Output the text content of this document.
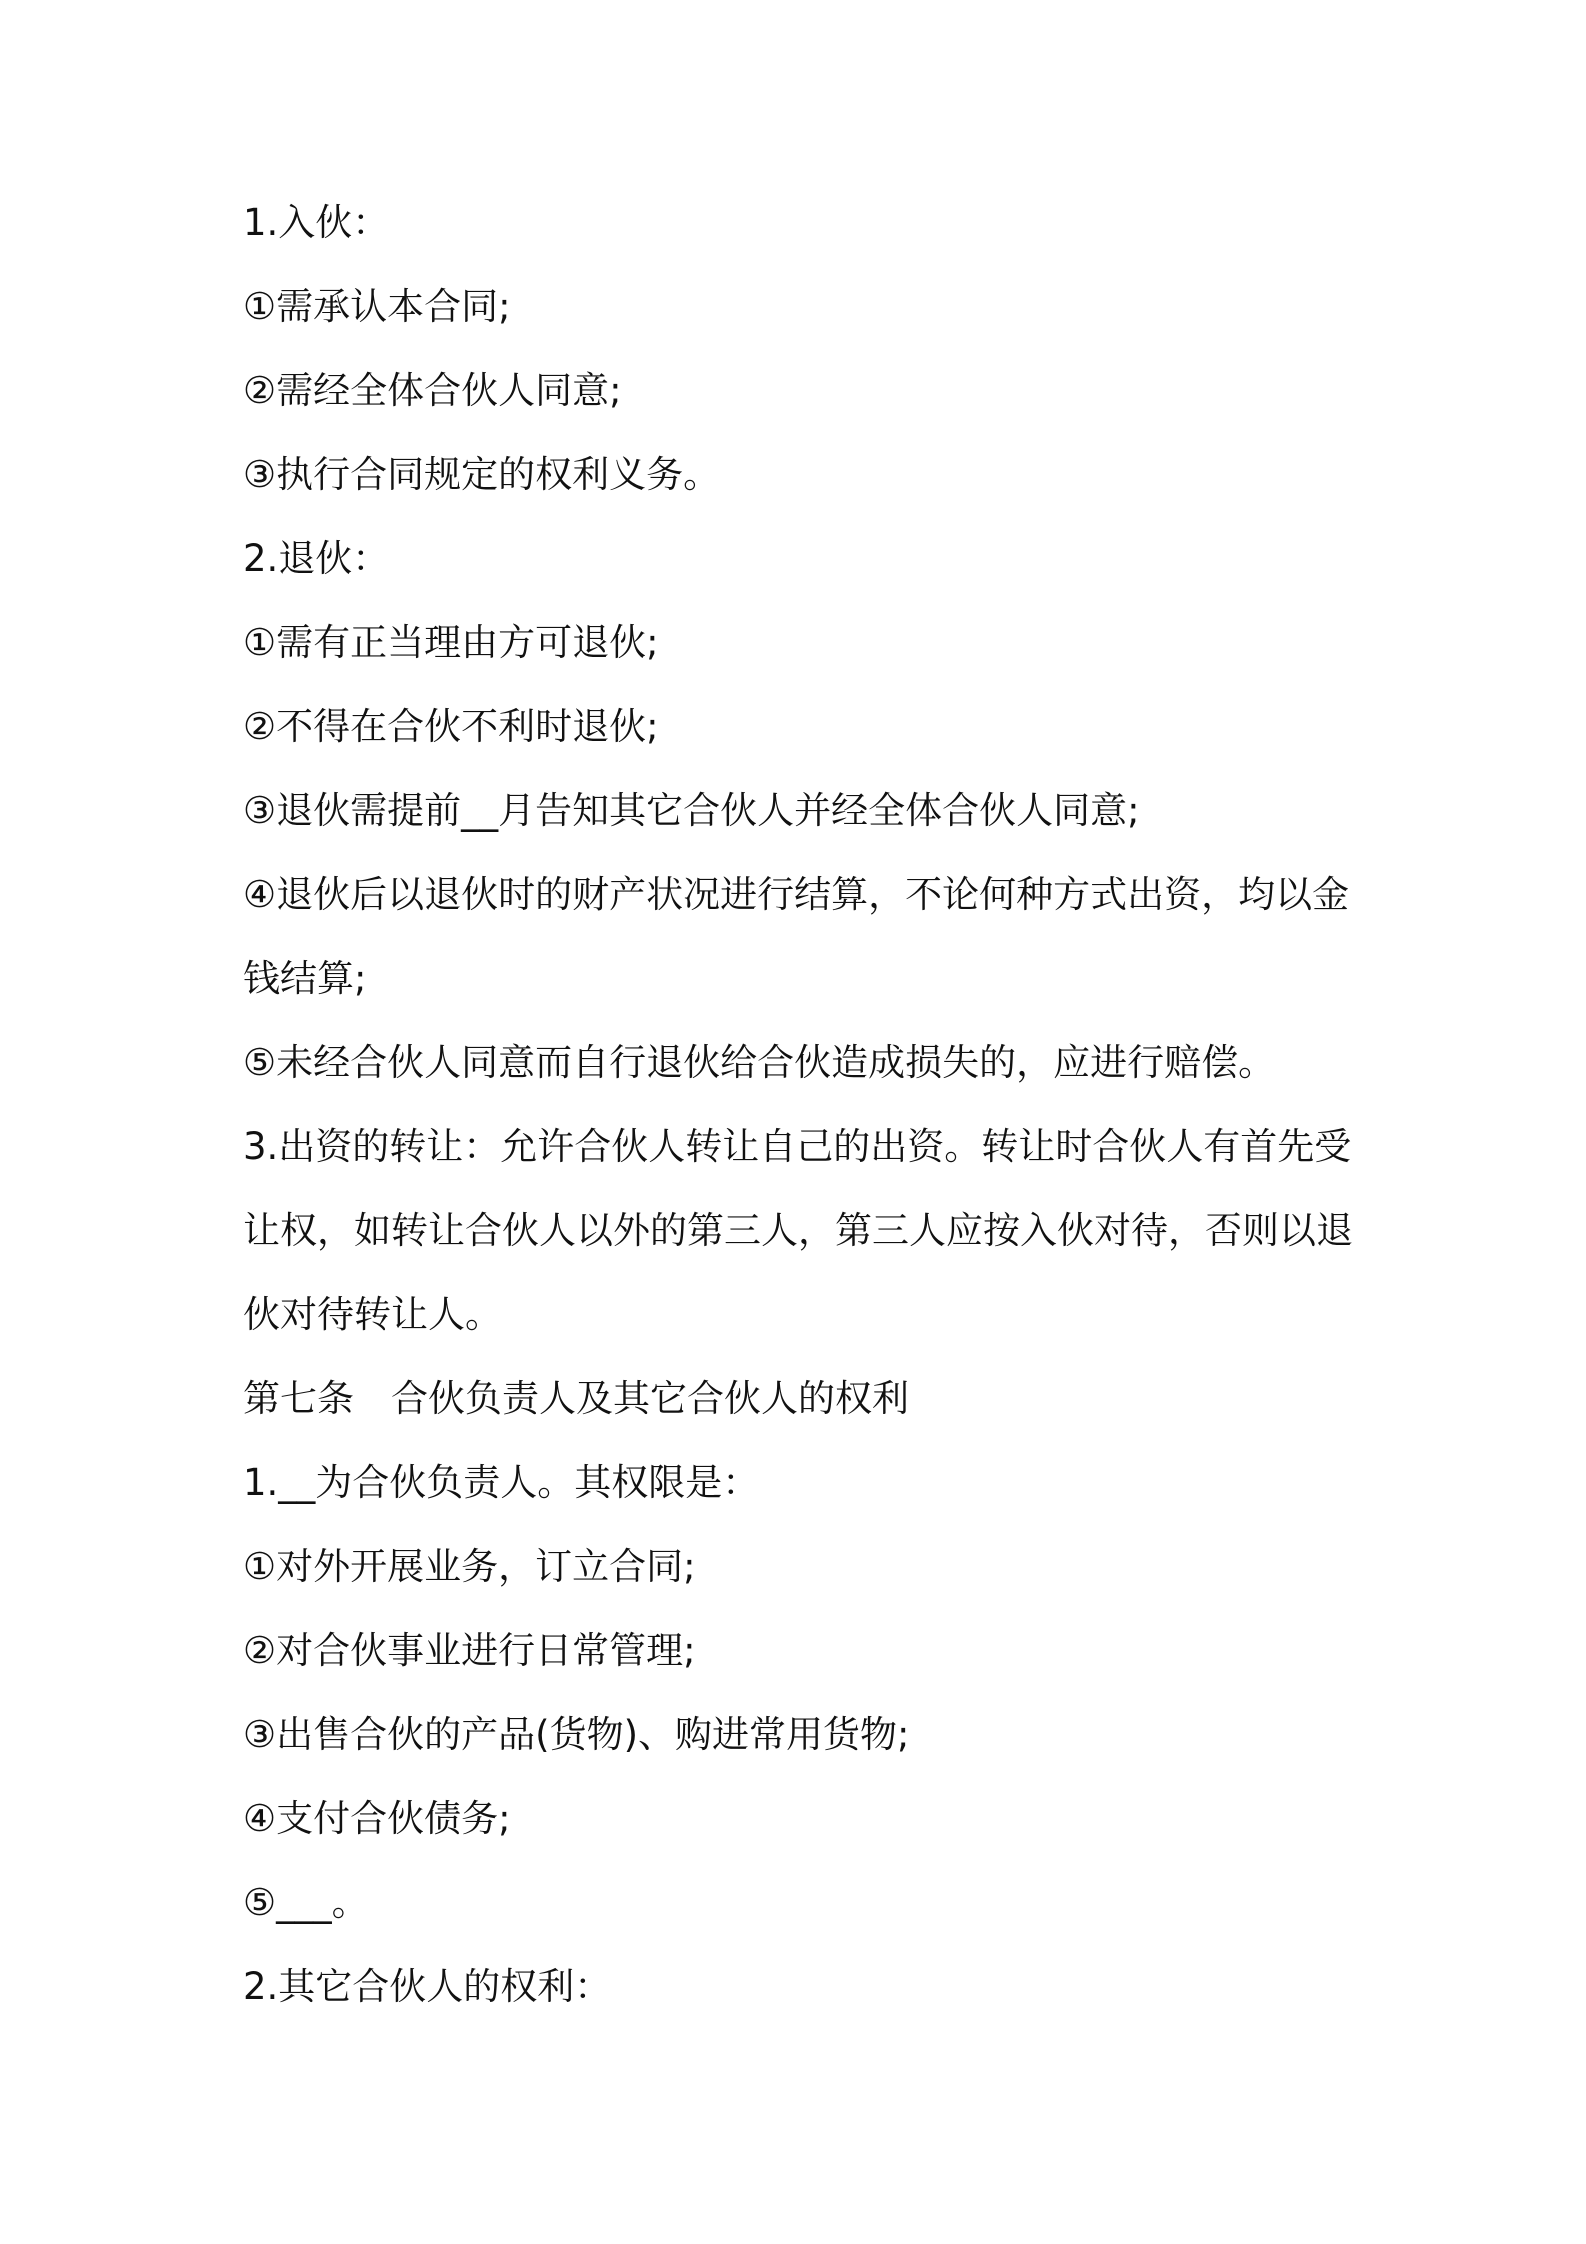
1.入伙：
①需承认本合同;
②需经全体合伙人同意;
③执行合同规定的权利义务。
2.退伙：
①需有正当理由方可退伙;
②不得在合伙不利时退伙;
③退伙需提前__月告知其它合伙人并经全体合伙人同意;
④退伙后以退伙时的财产状况进行结算，不论何种方式出资，均以金
钱结算;
⑤未经合伙人同意而自行退伙给合伙造成损失的，应进行赔偿。
3.出资的转让：允许合伙人转让自己的出资。转让时合伙人有首先受
让权，如转让合伙人以外的第三人，第三人应按入伙对待，否则以退
伙对待转让人。
第七条　合伙负责人及其它合伙人的权利
1.__为合伙负责人。其权限是：
①对外开展业务，订立合同;
②对合伙事业进行日常管理;
③出售合伙的产品(货物)、购进常用货物;
④支付合伙债务;
⑤___。
2.其它合伙人的权利：
